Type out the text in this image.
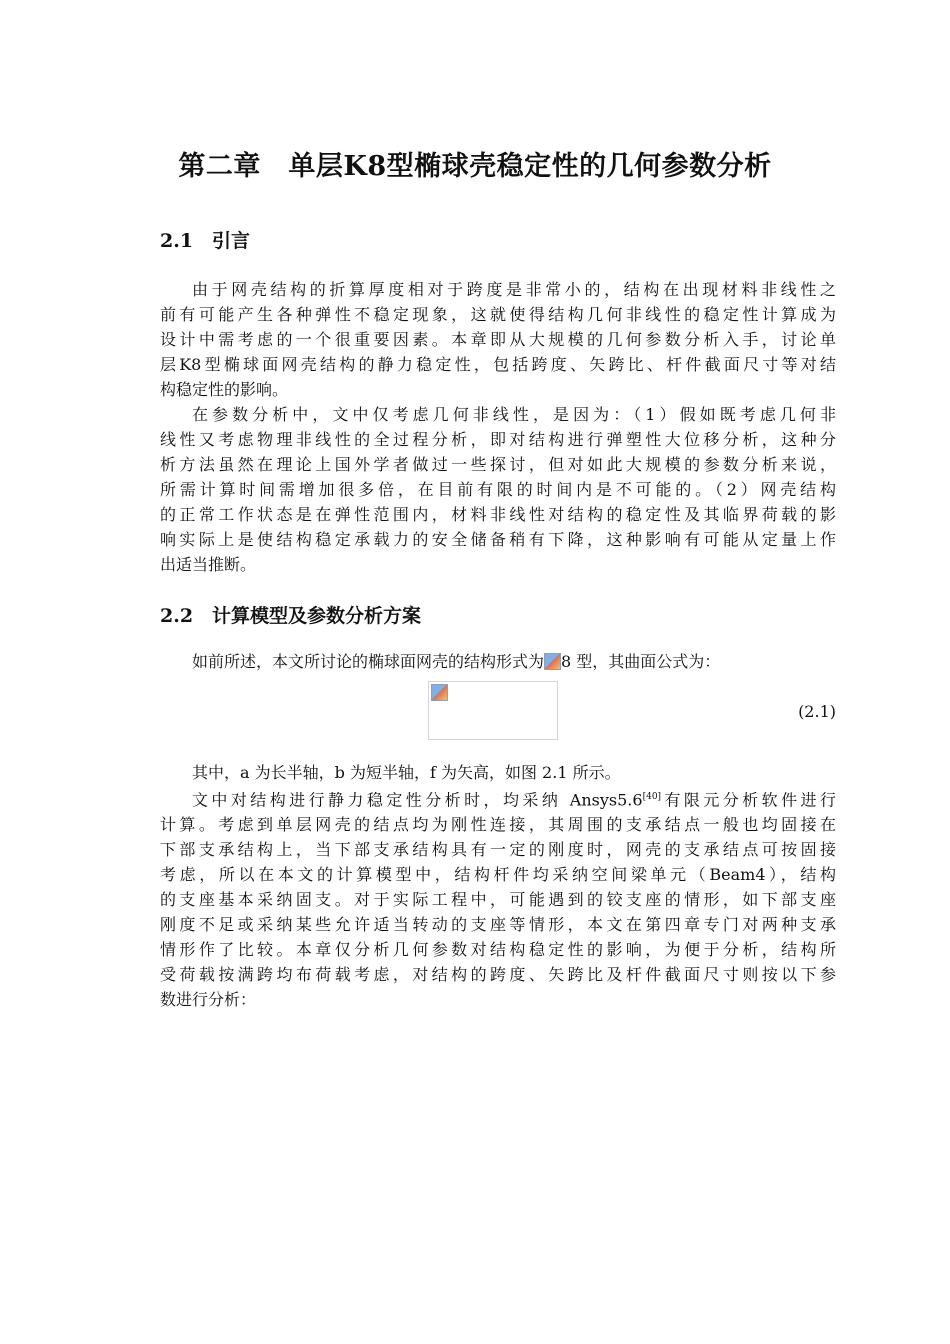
第二章　单层K8型椭球壳稳定性的几何参数分析
2.1　引言
由于网壳结构的折算厚度相对于跨度是非常小的，结构在出现材料非线性之
前有可能产生各种弹性不稳定现象，这就使得结构几何非线性的稳定性计算成为
设计中需考虑的一个很重要因素。本章即从大规模的几何参数分析入手，讨论单
层K8型椭球面网壳结构的静力稳定性，包括跨度、矢跨比、杆件截面尺寸等对结
构稳定性的影响。
在参数分析中，文中仅考虑几何非线性，是因为：（1）假如既考虑几何非
线性又考虑物理非线性的全过程分析，即对结构进行弹塑性大位移分析，这种分
析方法虽然在理论上国外学者做过一些探讨，但对如此大规模的参数分析来说，
所需计算时间需增加很多倍，在目前有限的时间内是不可能的。（2）网壳结构
的正常工作状态是在弹性范围内，材料非线性对结构的稳定性及其临界荷载的影
响实际上是使结构稳定承载力的安全储备稍有下降，这种影响有可能从定量上作
出适当推断。
2.2　计算模型及参数分析方案
如前所述，本文所讨论的椭球面网壳的结构形式为 8 型，其曲面公式为：
(2.1)
其中，a 为长半轴，b 为短半轴，f 为矢高，如图 2.1 所示。
文中对结构进行静力稳定性分析时，均采纳 Ansys5.6[40]有限元分析软件进行
计算。考虑到单层网壳的结点均为刚性连接，其周围的支承结点一般也均固接在
下部支承结构上，当下部支承结构具有一定的刚度时，网壳的支承结点可按固接
考虑，所以在本文的计算模型中，结构杆件均采纳空间梁单元（Beam4），结构
的支座基本采纳固支。对于实际工程中，可能遇到的铰支座的情形，如下部支座
刚度不足或采纳某些允许适当转动的支座等情形，本文在第四章专门对两种支承
情形作了比较。本章仅分析几何参数对结构稳定性的影响，为便于分析，结构所
受荷载按满跨均布荷载考虑，对结构的跨度、矢跨比及杆件截面尺寸则按以下参
数进行分析：
